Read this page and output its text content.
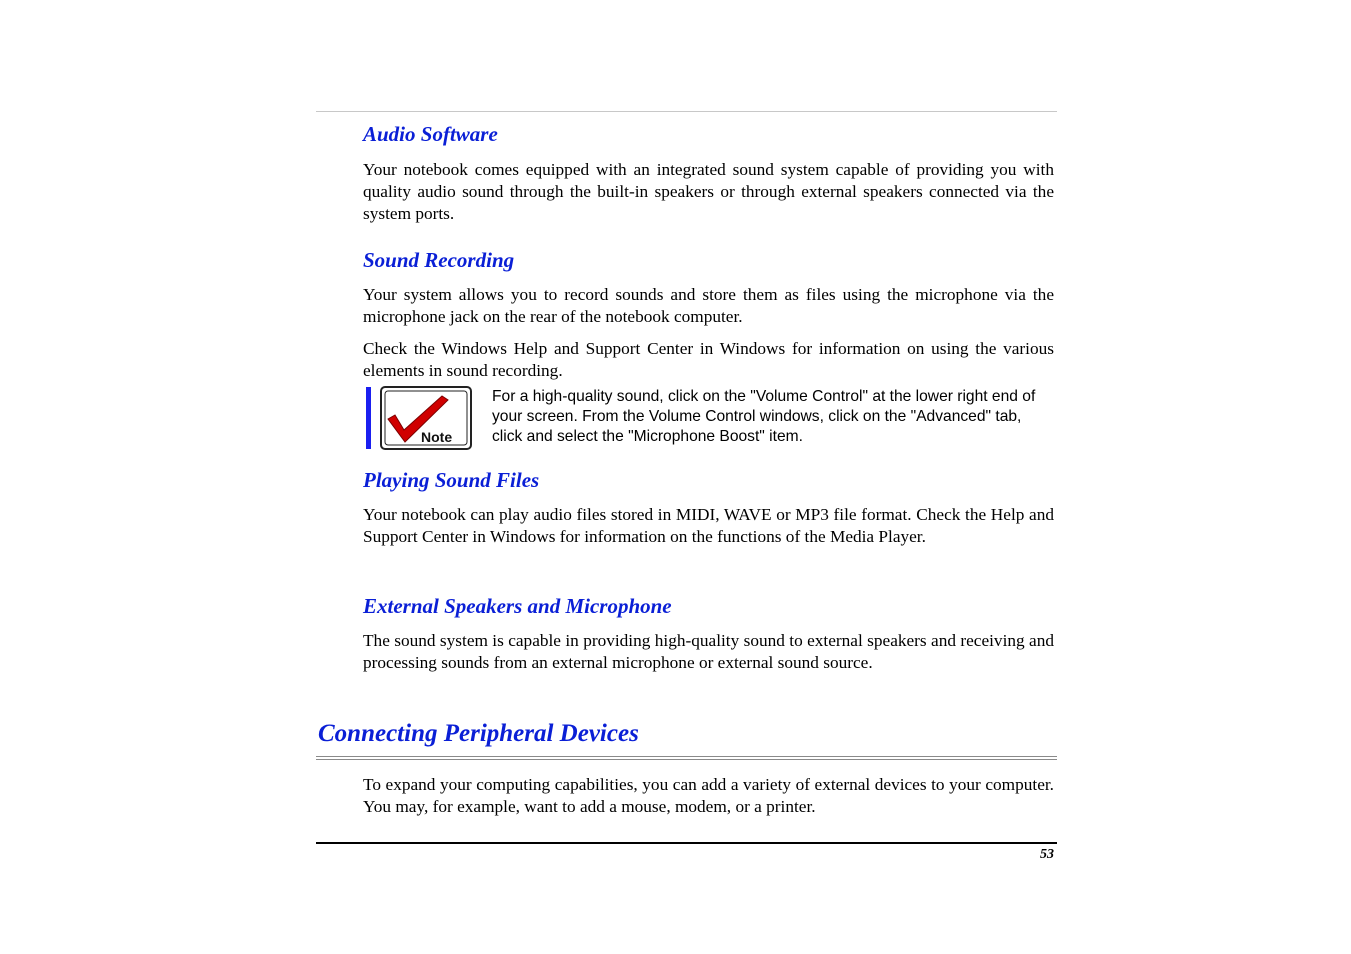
Audio Software

Your notebook comes equipped with an integrated sound system capable of providing you with quality audio sound through the built-in speakers or through external speakers connected via the system ports.

Sound Recording

Your system allows you to record sounds and store them as files using the microphone via the microphone jack on the rear of the notebook computer.

Check the Windows Help and Support Center in Windows for information on using the various elements in sound recording.

Note

For a high-quality sound, click on the "Volume Control" at the lower right end of your screen. From the Volume Control windows, click on the "Advanced" tab, click and select the "Microphone Boost" item.

Playing Sound Files

Your notebook can play audio files stored in MIDI, WAVE or MP3 file format. Check the Help and Support Center in Windows for information on the functions of the Media Player.

External Speakers and Microphone

The sound system is capable in providing high-quality sound to external speakers and receiving and processing sounds from an external microphone or external sound source.

Connecting Peripheral Devices

To expand your computing capabilities, you can add a variety of external devices to your computer. You may, for example, want to add a mouse, modem, or a printer.

53
